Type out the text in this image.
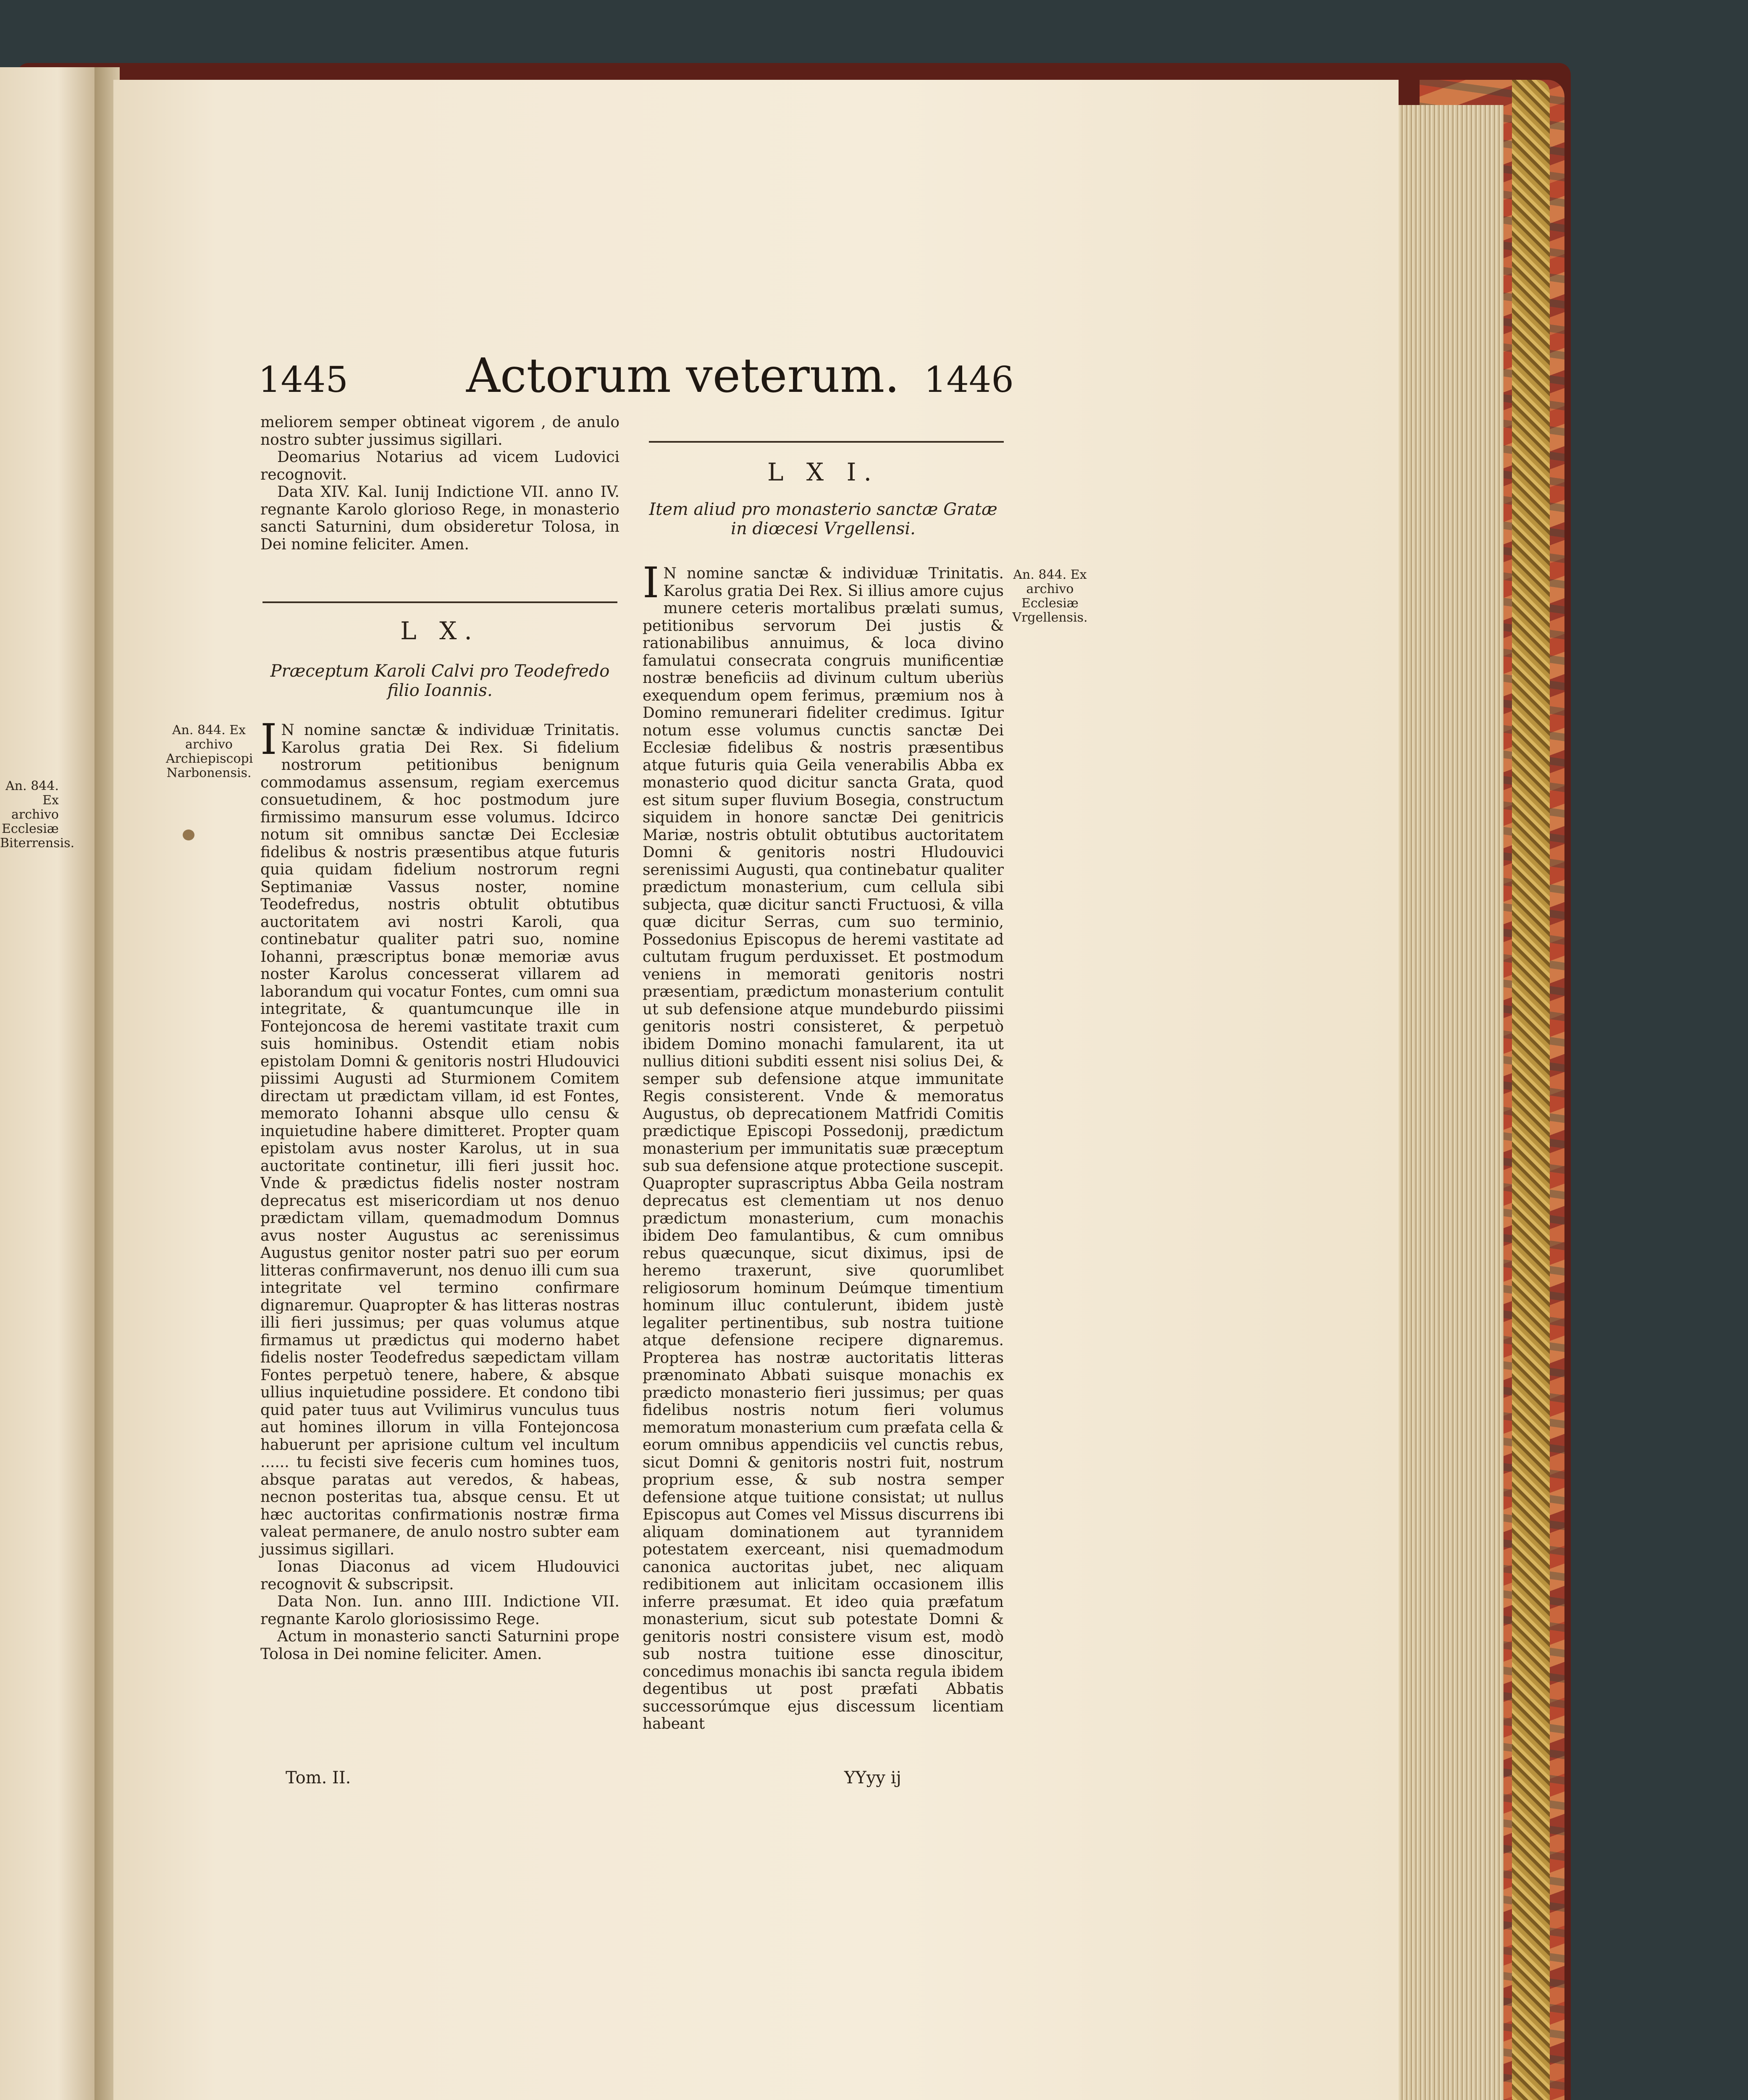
An. 844. Ex archivo Ecclesiæ Biterrensis.
1445	Actorum veterum. 1446

meliorem semper obtineat vigorem , de anulo nostro subter jussimus sigillari.

Deomarius Notarius ad vicem Ludovici recognovit.

Data XIV. Kal. Iunij Indictione VII. anno IV. regnante Karolo glorioso Rege, in monasterio sancti Saturnini, dum obsideretur Tolosa, in Dei nomine feliciter. Amen.

L X.
Præceptum Karoli Calvi pro Teodefredo filio Ioannis.
An. 844. Ex archivo Archiepiscopi Narbonensis.

I N nomine sanctæ & individuæ Trinitatis. Karolus gratia Dei Rex. Si fidelium nostrorum petitionibus benignum commodamus assensum, regiam exercemus consuetudinem, & hoc postmodum jure firmissimo mansurum esse volumus. Idcirco notum sit omnibus sanctæ Dei Ecclesiæ fidelibus & nostris præsentibus atque futuris quia quidam fidelium nostrorum regni Septimaniæ Vassus noster, nomine Teodefredus, nostris obtulit obtutibus auctoritatem avi nostri Karoli, qua continebatur qualiter patri suo, nomine Iohanni, præscriptus bonæ memoriæ avus noster Karolus concesserat villarem ad laborandum qui vocatur Fontes, cum omni sua integritate, & quantumcunque ille in Fontejoncosa de heremi vastitate traxit cum suis hominibus. Ostendit etiam nobis epistolam Domni & genitoris nostri Hludouvici piissimi Augusti ad Sturmionem Comitem directam ut prædictam villam, id est Fontes, memorato Iohanni absque ullo censu & inquietudine habere dimitteret. Propter quam epistolam avus noster Karolus, ut in sua auctoritate continetur, illi fieri jussit hoc. Vnde & prædictus fidelis noster nostram deprecatus est misericordiam ut nos denuo prædictam villam, quemadmodum Domnus avus noster Augustus ac serenissimus Augustus genitor noster patri suo per eorum litteras confirmaverunt, nos denuo illi cum sua integritate vel termino confirmare dignaremur. Quapropter & has litteras nostras illi fieri jussimus; per quas volumus atque firmamus ut prædictus qui moderno habet fidelis noster Teodefredus sæpedictam villam Fontes perpetuò tenere, habere, & absque ullius inquietudine possidere. Et condono tibi quid pater tuus aut Vvilimirus vunculus tuus aut homines illorum in villa Fontejoncosa habuerunt per aprisione cultum vel incultum ...... tu fecisti sive feceris cum homines tuos, absque paratas aut veredos, & habeas, necnon posteritas tua, absque censu. Et ut hæc auctoritas confirmationis nostræ firma valeat permanere, de anulo nostro subter eam jussimus sigillari.

Ionas Diaconus ad vicem Hludouvici recognovit & subscripsit.

Data Non. Iun. anno IIII. Indictione VII. regnante Karolo gloriosissimo Rege.

Actum in monasterio sancti Saturnini prope Tolosa in Dei nomine feliciter. Amen.

L X I.
Item aliud pro monasterio sanctæ Gratæ in diœcesi Vrgellensi.
An. 844. Ex archivo Ecclesiæ Vrgellensis.

I N nomine sanctæ & individuæ Trinitatis. Karolus gratia Dei Rex. Si illius amore cujus munere ceteris mortalibus prælati sumus, petitionibus servorum Dei justis & rationabilibus annuimus, & loca divino famulatui consecrata congruis munificentiæ nostræ beneficiis ad divinum cultum uberiùs exequendum opem ferimus, præmium nos à Domino remunerari fideliter credimus. Igitur notum esse volumus cunctis sanctæ Dei Ecclesiæ fidelibus & nostris præsentibus atque futuris quia Geila venerabilis Abba ex monasterio quod dicitur sancta Grata, quod est situm super fluvium Bosegia, constructum siquidem in honore sanctæ Dei genitricis Mariæ, nostris obtulit obtutibus auctoritatem Domni & genitoris nostri Hludouvici serenissimi Augusti, qua continebatur qualiter prædictum monasterium, cum cellula sibi subjecta, quæ dicitur sancti Fructuosi, & villa quæ dicitur Serras, cum suo terminio, Possedonius Episcopus de heremi vastitate ad cultutam frugum perduxisset. Et postmodum veniens in memorati genitoris nostri præsentiam, prædictum monasterium contulit ut sub defensione atque mundeburdo piissimi genitoris nostri consisteret, & perpetuò ibidem Domino monachi famularent, ita ut nullius ditioni subditi essent nisi solius Dei, & semper sub defensione atque immunitate Regis consisterent. Vnde & memoratus Augustus, ob deprecationem Matfridi Comitis prædictique Episcopi Possedonij, prædictum monasterium per immunitatis suæ præceptum sub sua defensione atque protectione suscepit. Quapropter suprascriptus Abba Geila nostram deprecatus est clementiam ut nos denuo prædictum monasterium, cum monachis ibidem Deo famulantibus, & cum omnibus rebus quæcunque, sicut diximus, ipsi de heremo traxerunt, sive quorumlibet religiosorum hominum Deúmque timentium hominum illuc contulerunt, ibidem justè legaliter pertinentibus, sub nostra tuitione atque defensione recipere dignaremus. Propterea has nostræ auctoritatis litteras prænominato Abbati suisque monachis ex prædicto monasterio fieri jussimus; per quas fidelibus nostris notum fieri volumus memoratum monasterium cum præfata cella & eorum omnibus appendiciis vel cunctis rebus, sicut Domni & genitoris nostri fuit, nostrum proprium esse, & sub nostra semper defensione atque tuitione consistat; ut nullus Episcopus aut Comes vel Missus discurrens ibi aliquam dominationem aut tyrannidem potestatem exerceant, nisi quemadmodum canonica auctoritas jubet, nec aliquam redibitionem aut inlicitam occasionem illis inferre præsumat. Et ideo quia præfatum monasterium, sicut sub potestate Domni & genitoris nostri consistere visum est, modò sub nostra tuitione esse dinoscitur, concedimus monachis ibi sancta regula ibidem degentibus ut post præfati Abbatis successorúmque ejus discessum licentiam habeant

Tom. II.	YYyy ij
